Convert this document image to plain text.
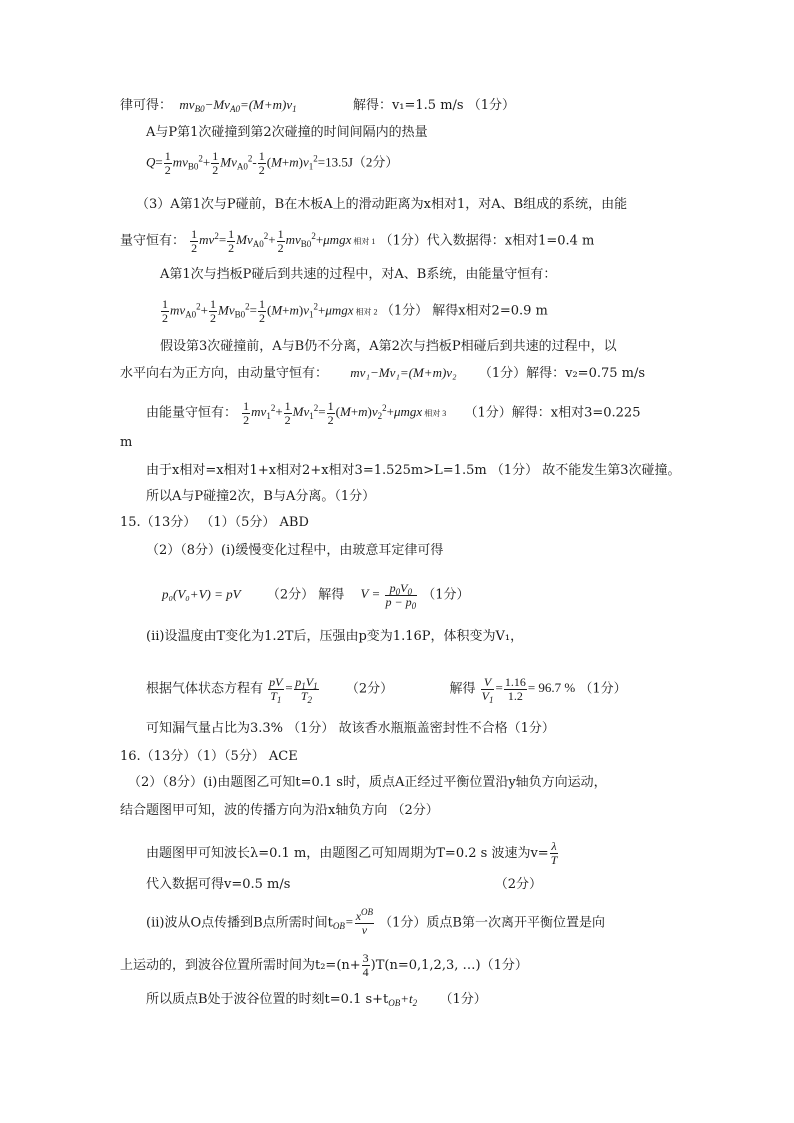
律可得：  $mv_{B0}-Mv_{A0}=(M+m)v_1$	解得：v₁=1.5 m/s （1分）
A与P第1次碰撞到第2次碰撞的时间间隔内的热量
$Q= \frac{1}{2} mv_{B0}^2+ \frac{1}{2} Mv_{A0}^2- \frac{1}{2} (M+m)v_1^2=13.5J(2$分）
（3）A第1次与P碰前，B在木板A上的滑动距离为x相对1，对A、B组成的系统，由能
量守恒有： $\frac{1}{2} mv^2= \frac{1}{2} Mv_{A0}^2+ \frac{1}{2} mv_{B0}^2+\mu mgx$ 相对 1 （1分）代入数据得：x相对1=0.4 m
A第1次与挡板P碰后到共速的过程中，对A、B系统，由能量守恒有：
$\frac{1}{2} mv_{A0}^2+ \frac{1}{2} Mv_{B0}^2= \frac{1}{2} (M+m)v_1^2+\mu mgx$ 相对 2 （1分） 解得x相对2=0.9 m
假设第3次碰撞前，A与B仍不分离，A第2次与挡板P相碰后到共速的过程中，以
水平向右为正方向，由动量守恒有： mv₁−Mv₁=(M+m)v₂ （1分）解得：v₂=0.75 m/s
由能量守恒有： $\frac{1}{2} mv_1^2+ \frac{1}{2} Mv_1^2= \frac{1}{2} (M+m)v_2^2+\mu mgx$ 相对 3 （1分）解得：x相对3=0.225
m
由于x相对=x相对1+x相对2+x相对3=1.525m>L=1.5m （1分） 故不能发生第3次碰撞。
所以A与P碰撞2次，B与A分离。（1分）
15.（13分） （1）（5分） ABD
（2）（8分）(ⅰ)缓慢变化过程中，由玻意耳定律可得
p₀(V₀+V) = pV （2分） 解得 $V = \frac{p_0V_0}{p - p_0} (1$分）
(ⅱ)设温度由T变化为1.2T后，压强由p变为1.16P，体积变为V₁，
根据气体状态方程有 $\frac{pV}{T_1} = \frac{p_1V_1}{T_2} (2$分）	解得 $\frac{V}{V_1} = \frac{1.16}{1.2} = 96.7$ % （1分）
可知漏气量占比为3.3% （1分） 故该香水瓶瓶盖密封性不合格（1分）
16.（13分）（1）（5分） ACE
（2）（8分）(ⅰ)由题图乙可知t=0.1 s时，质点A正经过平衡位置沿y轴负方向运动，
结合题图甲可知，波的传播方向为沿x轴负方向 （2分）
由题图甲可知波长λ=0.1 m，由题图乙可知周期为T=0.2 s 波速为$v= \frac{\lambda}{T}$
代入数据可得v=0.5 m/s	（2分）
(ⅱ)波从O点传播到B点所需时间$t_{OB}= x^{OB}$
v （1分）质点B第一次离开平衡位置是向
上运动的，到波谷位置所需时间为$t_2=(n+ \frac{3}{4} )T(n=0,1,2,3$, …)（1分）
所以质点B处于波谷位置的时刻t=0.1 $s+t_{OB}+t_2$ （1分）
